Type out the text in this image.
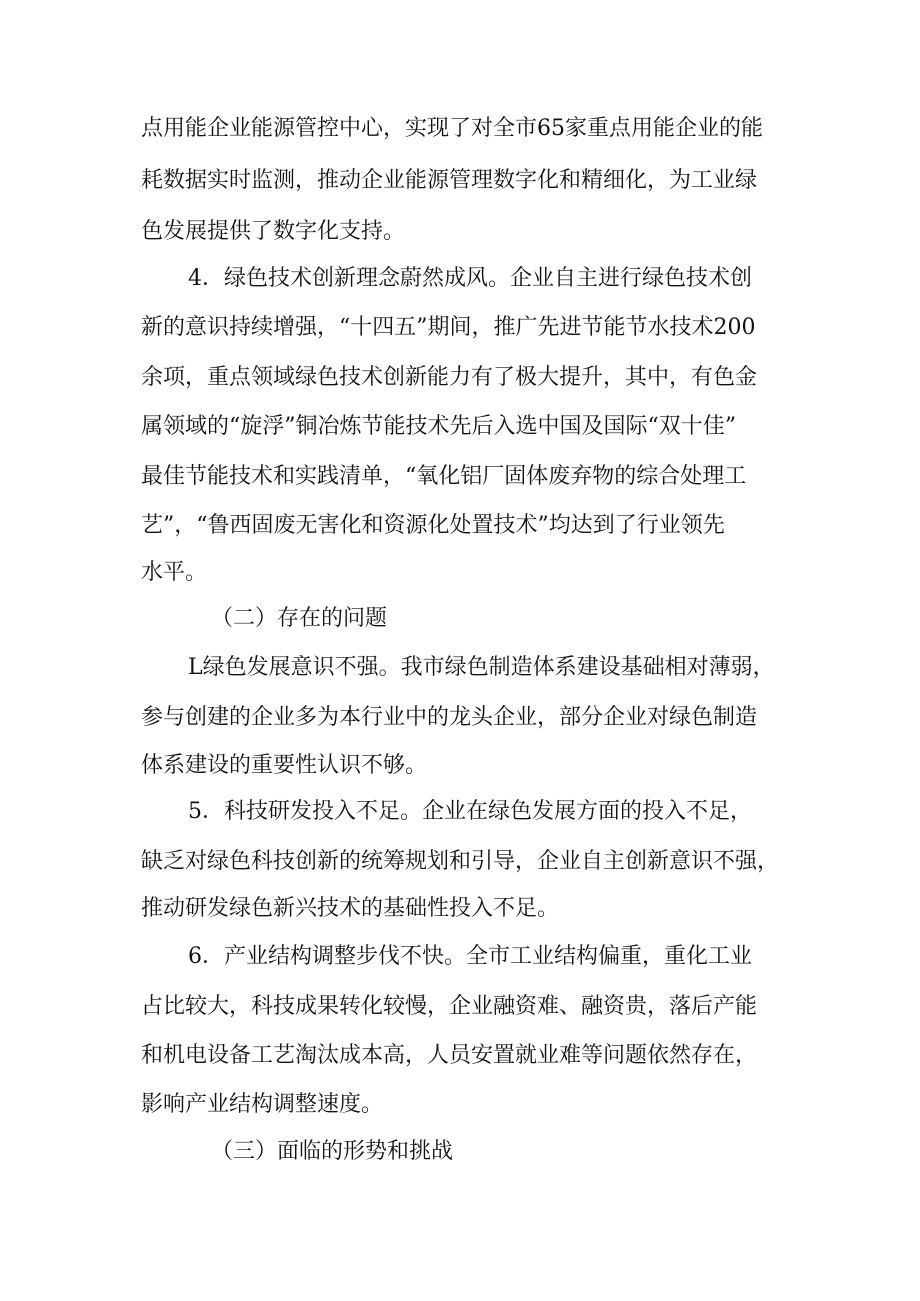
点用能企业能源管控中心，实现了对全市65家重点用能企业的能
耗数据实时监测，推动企业能源管理数字化和精细化，为工业绿
色发展提供了数字化支持。
4．绿色技术创新理念蔚然成风。企业自主进行绿色技术创
新的意识持续增强，“十四五”期间，推广先进节能节水技术200
余项，重点领域绿色技术创新能力有了极大提升，其中，有色金
属领域的“旋浮”铜冶炼节能技术先后入选中国及国际“双十佳”
最佳节能技术和实践清单，“氧化铝厂固体废弃物的综合处理工
艺”，“鲁西固废无害化和资源化处置技术”均达到了行业领先
水平。
（二）存在的问题
L绿色发展意识不强。我市绿色制造体系建设基础相对薄弱，
参与创建的企业多为本行业中的龙头企业，部分企业对绿色制造
体系建设的重要性认识不够。
5．科技研发投入不足。企业在绿色发展方面的投入不足，
缺乏对绿色科技创新的统筹规划和引导，企业自主创新意识不强，
推动研发绿色新兴技术的基础性投入不足。
6．产业结构调整步伐不快。全市工业结构偏重，重化工业
占比较大，科技成果转化较慢，企业融资难、融资贵，落后产能
和机电设备工艺淘汰成本高，人员安置就业难等问题依然存在，
影响产业结构调整速度。
（三）面临的形势和挑战
